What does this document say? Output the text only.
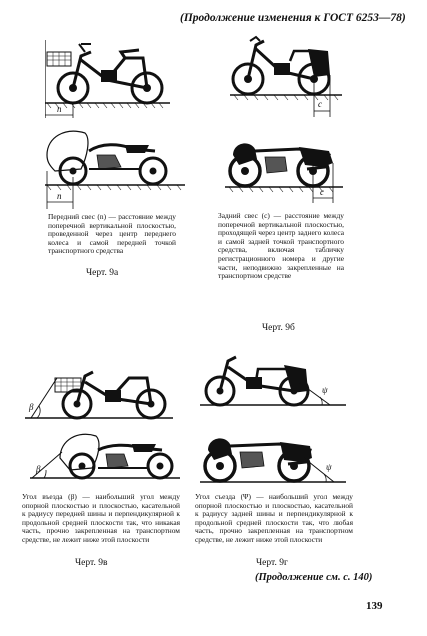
(Продолжение изменения к ГОСТ 6253—78)
n	c
n	c
Передний свес (n) — расстояние между поперечной вертикальной плоскостью, проведенной через центр переднего колеса и самой передней точкой транспортного средства
Черт. 9а
Задний свес (c) — расстояние между поперечной вертикальной плоскостью, проходящей через центр заднего колеса и самой задней точкой транспортного средства, включая табличку регистрационного номера и другие части, неподвижно закрепленные на транспортном средстве
Черт. 9б
β
β
Угол въезда (β) — наибольший угол между опорной плоскостью и плоскостью, касательной к радиусу передней шины и перпендикулярной к продольной средней плоскости так, что никакая часть, прочно закрепленная на транспортном средстве, не лежит ниже этой плоскости
Черт. 9в
ψ
ψ
Угол съезда (Ψ) — наибольший угол между опорной плоскостью и плоскостью, касательной к радиусу задней шины и перпендикулярной к продольной средней плоскости так, что любая часть, прочно закрепленная на транспортном средстве, не лежит ниже этой плоскости
Черт. 9г
(Продолжение см. с. 140)
139
